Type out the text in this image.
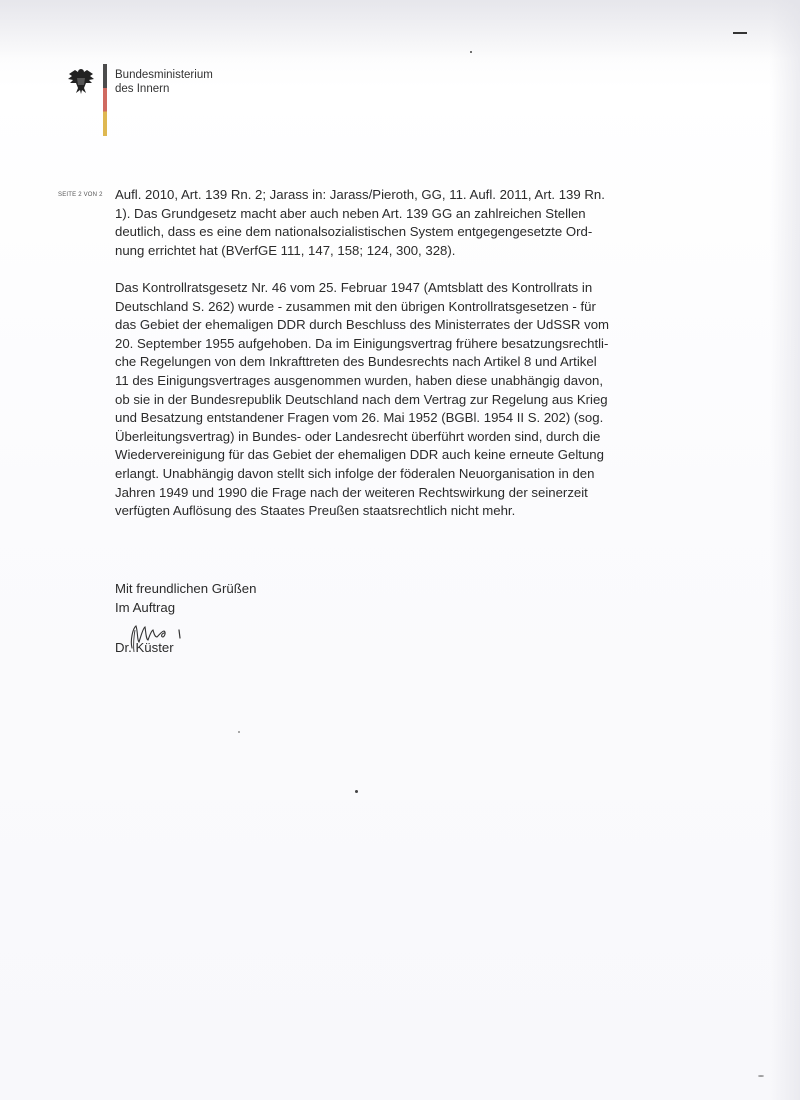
Bundesministerium
des Innern
SEITE 2 VON 2 Aufl. 2010, Art. 139 Rn. 2; Jarass in: Jarass/Pieroth, GG, 11. Aufl. 2011, Art. 139 Rn.
1). Das Grundgesetz macht aber auch neben Art. 139 GG an zahlreichen Stellen
deutlich, dass es eine dem nationalsozialistischen System entgegengesetzte Ord-
nung errichtet hat (BVerfGE 111, 147, 158; 124, 300, 328).
Das Kontrollratsgesetz Nr. 46 vom 25. Februar 1947 (Amtsblatt des Kontrollrats in
Deutschland S. 262) wurde - zusammen mit den übrigen Kontrollratsgesetzen - für
das Gebiet der ehemaligen DDR durch Beschluss des Ministerrates der UdSSR vom
20. September 1955 aufgehoben. Da im Einigungsvertrag frühere besatzungsrechtli-
che Regelungen von dem Inkrafttreten des Bundesrechts nach Artikel 8 und Artikel
11 des Einigungsvertrages ausgenommen wurden, haben diese unabhängig davon,
ob sie in der Bundesrepublik Deutschland nach dem Vertrag zur Regelung aus Krieg
und Besatzung entstandener Fragen vom 26. Mai 1952 (BGBl. 1954 II S. 202) (sog.
Überleitungsvertrag) in Bundes- oder Landesrecht überführt worden sind, durch die
Wiedervereinigung für das Gebiet der ehemaligen DDR auch keine erneute Geltung
erlangt. Unabhängig davon stellt sich infolge der föderalen Neuorganisation in den
Jahren 1949 und 1990 die Frage nach der weiteren Rechtswirkung der seinerzeit
verfügten Auflösung des Staates Preußen staatsrechtlich nicht mehr.
Mit freundlichen Grüßen
Im Auftrag
Dr. Küster
